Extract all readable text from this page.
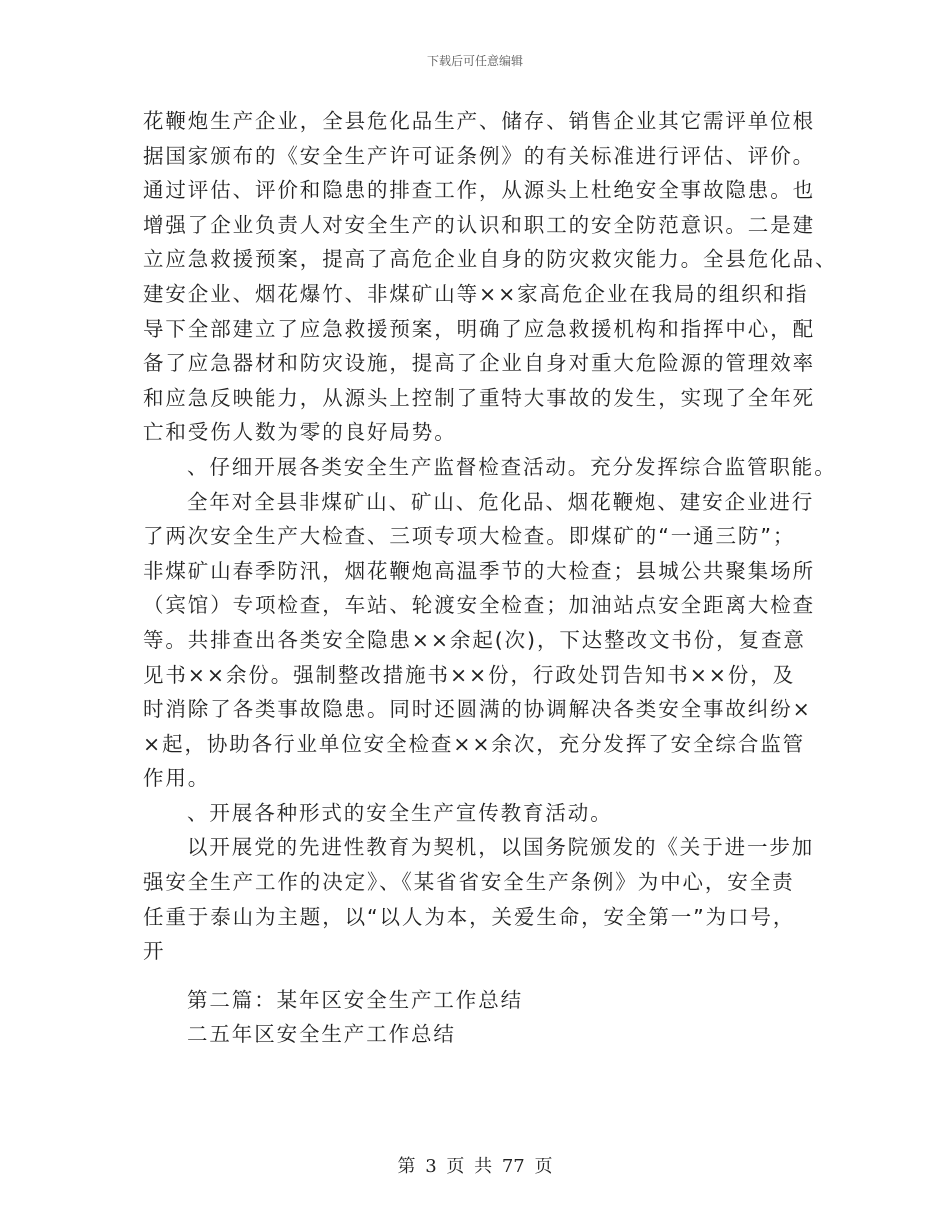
下载后可任意编辑
花鞭炮生产企业，全县危化品生产、储存、销售企业其它需评单位根
据国家颁布的《安全生产许可证条例》的有关标准进行评估、评价。
通过评估、评价和隐患的排查工作，从源头上杜绝安全事故隐患。也
增强了企业负责人对安全生产的认识和职工的安全防范意识。二是建
立应急救援预案，提高了高危企业自身的防灾救灾能力。全县危化品、
建安企业、烟花爆竹、非煤矿山等××家高危企业在我局的组织和指
导下全部建立了应急救援预案，明确了应急救援机构和指挥中心，配
备了应急器材和防灾设施，提高了企业自身对重大危险源的管理效率
和应急反映能力，从源头上控制了重特大事故的发生，实现了全年死
亡和受伤人数为零的良好局势。
、仔细开展各类安全生产监督检查活动。充分发挥综合监管职能。
全年对全县非煤矿山、矿山、危化品、烟花鞭炮、建安企业进行
了两次安全生产大检查、三项专项大检查。即煤矿的“一通三防”；
非煤矿山春季防汛，烟花鞭炮高温季节的大检查；县城公共聚集场所
（宾馆）专项检查，车站、轮渡安全检查；加油站点安全距离大检查
等。共排查出各类安全隐患××余起(次)，下达整改文书份，复查意
见书××余份。强制整改措施书××份，行政处罚告知书××份，及
时消除了各类事故隐患。同时还圆满的协调解决各类安全事故纠纷×
×起，协助各行业单位安全检查××余次，充分发挥了安全综合监管
作用。
、开展各种形式的安全生产宣传教育活动。
以开展党的先进性教育为契机，以国务院颁发的《关于进一步加
强安全生产工作的决定》、《某省省安全生产条例》为中心，安全责
任重于泰山为主题，以“以人为本，关爱生命，安全第一”为口号，
开
第二篇：某年区安全生产工作总结
二五年区安全生产工作总结
第 3 页 共 77 页
